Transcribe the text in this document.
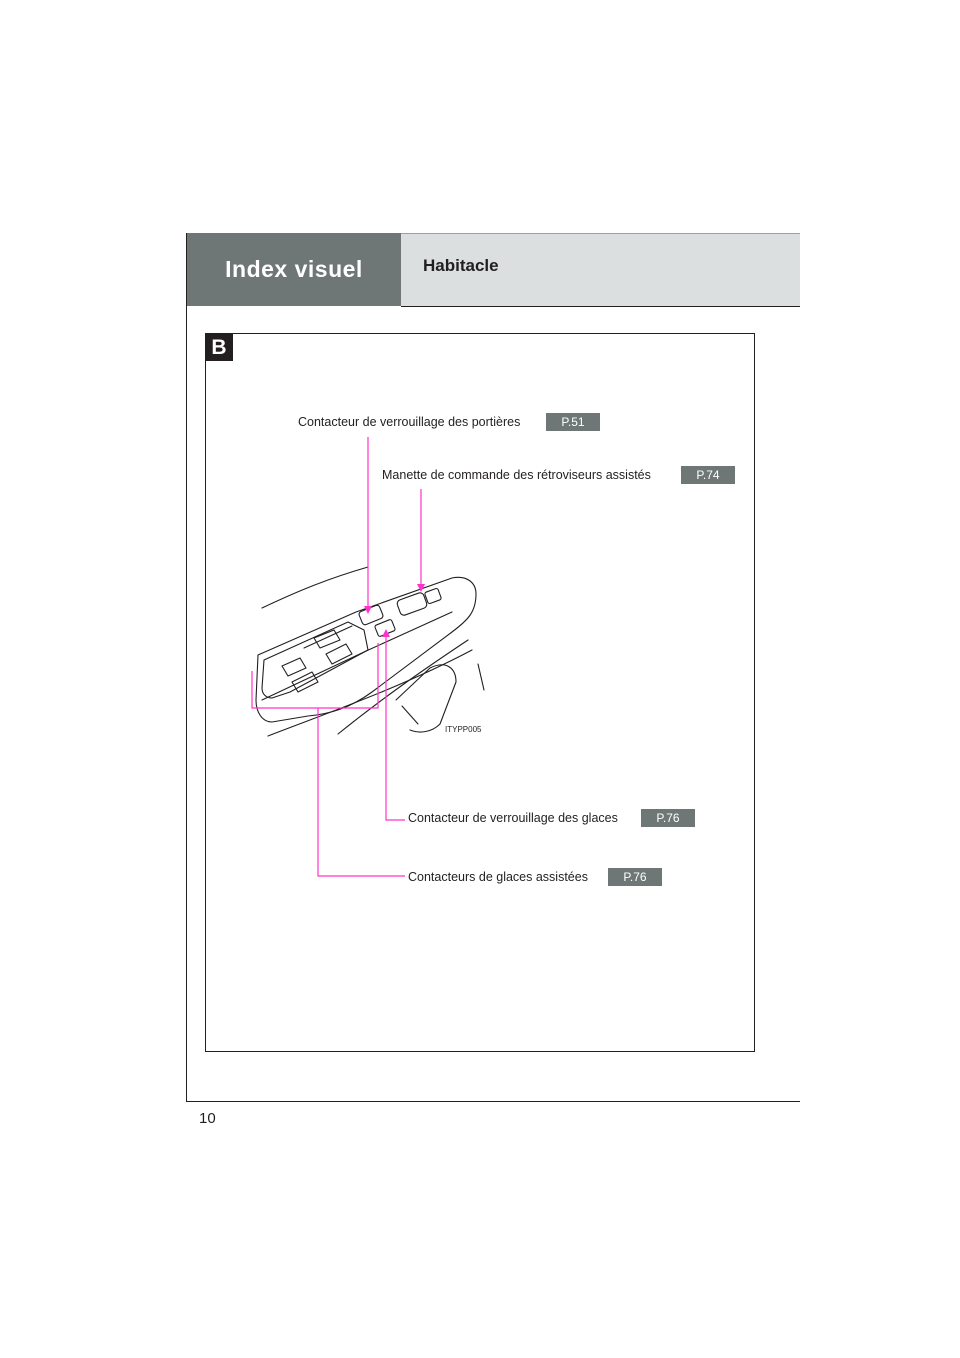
Index visuel	Habitacle
B
ITYPP005
Contacteur de verrouillage des portières	P.51
Manette de commande des rétroviseurs assistés	P.74
Contacteur de verrouillage des glaces	P.76
Contacteurs de glaces assistées	P.76
10
